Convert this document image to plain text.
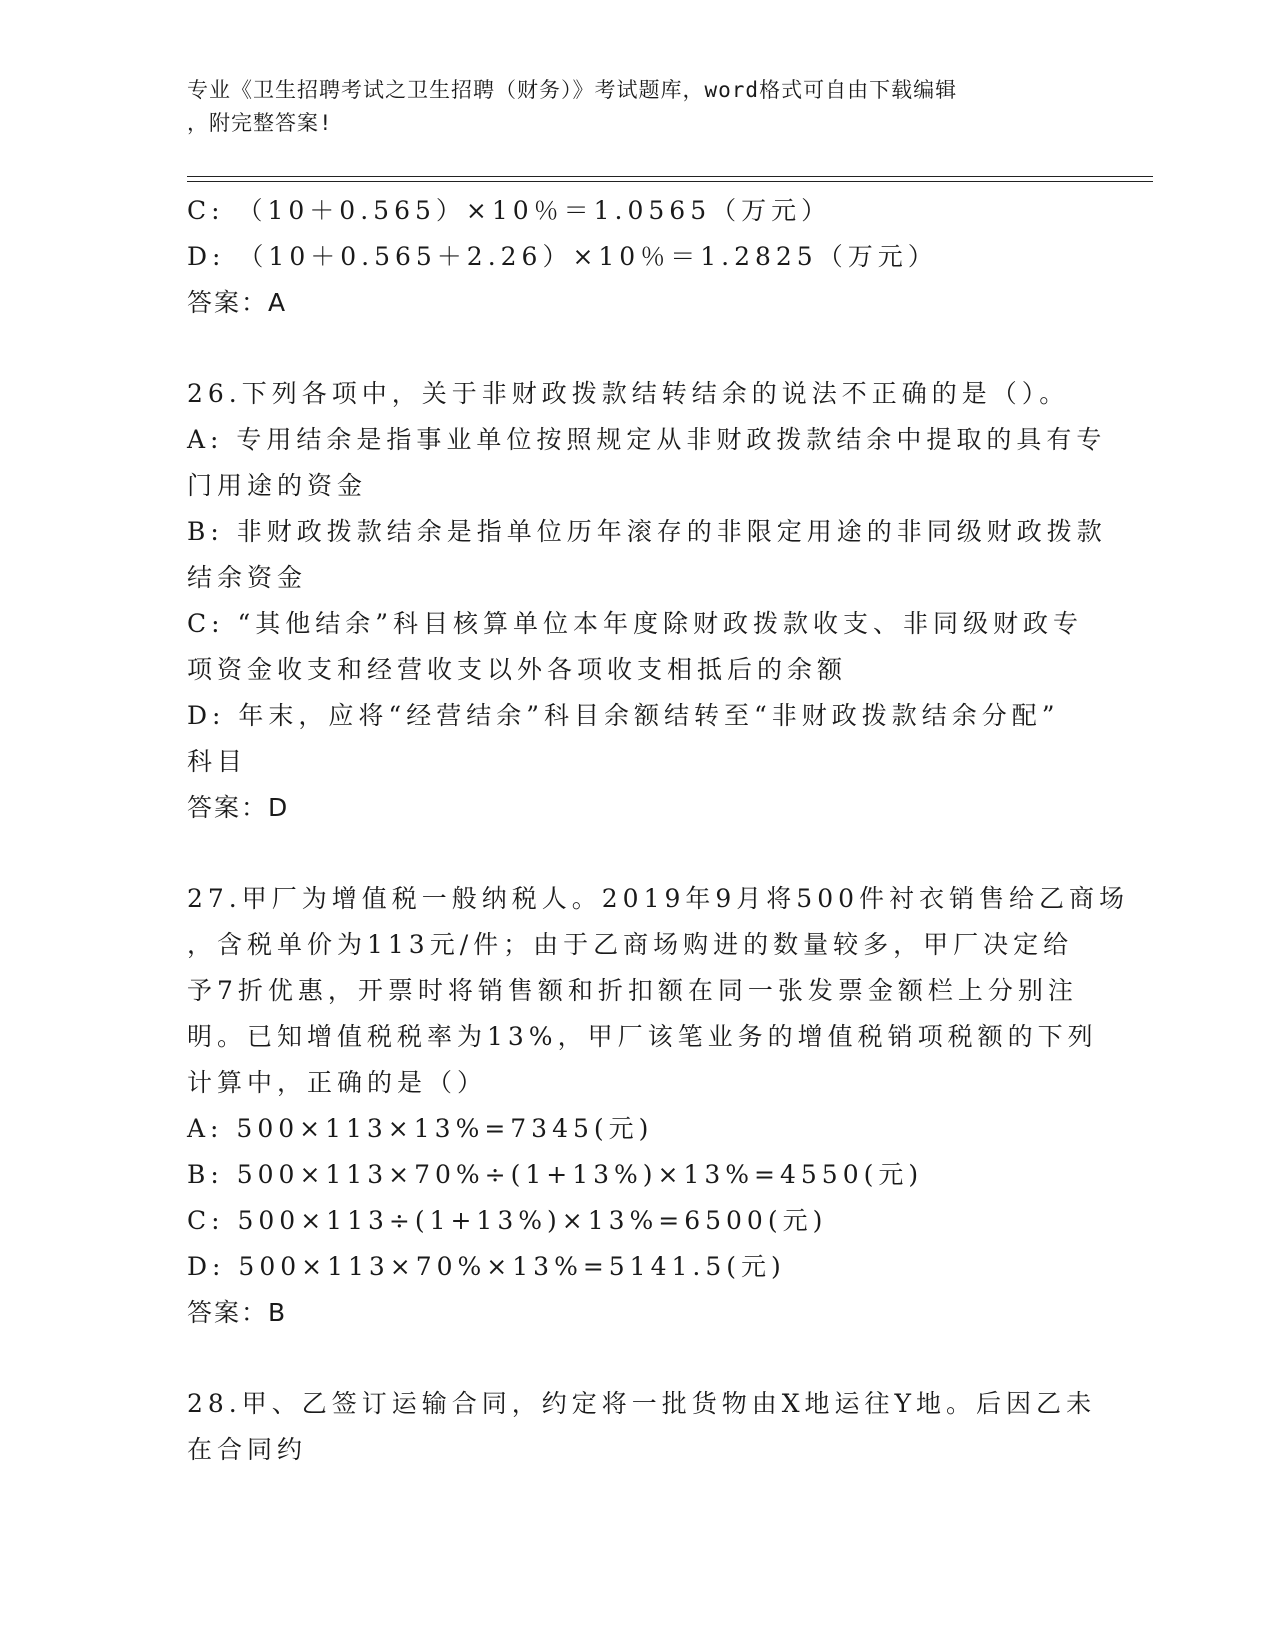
专业《卫生招聘考试之卫生招聘（财务）》考试题库，word格式可自由下载编辑
，附完整答案!
C: （10＋0.565）×10％＝1.0565（万元）
D: （10＋0.565＋2.26）×10％＝1.2825（万元）
答案：A
26.下列各项中，关于非财政拨款结转结余的说法不正确的是（）。
A: 专用结余是指事业单位按照规定从非财政拨款结余中提取的具有专
门用途的资金
B: 非财政拨款结余是指单位历年滚存的非限定用途的非同级财政拨款
结余资金
C: “其他结余”科目核算单位本年度除财政拨款收支、非同级财政专
项资金收支和经营收支以外各项收支相抵后的余额
D: 年末，应将“经营结余”科目余额结转至“非财政拨款结余分配”
科目
答案：D
27.甲厂为增值税一般纳税人。2019年9月将500件衬衣销售给乙商场
，含税单价为113元/件；由于乙商场购进的数量较多，甲厂决定给
予7折优惠，开票时将销售额和折扣额在同一张发票金额栏上分别注
明。已知增值税税率为13%，甲厂该笔业务的增值税销项税额的下列
计算中，正确的是（）
A: 500×113×13%=7345(元)
B: 500×113×70%÷(1+13%)×13%=4550(元)
C: 500×113÷(1+13%)×13%=6500(元)
D: 500×113×70%×13%=5141.5(元)
答案：B
28.甲、乙签订运输合同，约定将一批货物由X地运往Y地。后因乙未
在合同约
